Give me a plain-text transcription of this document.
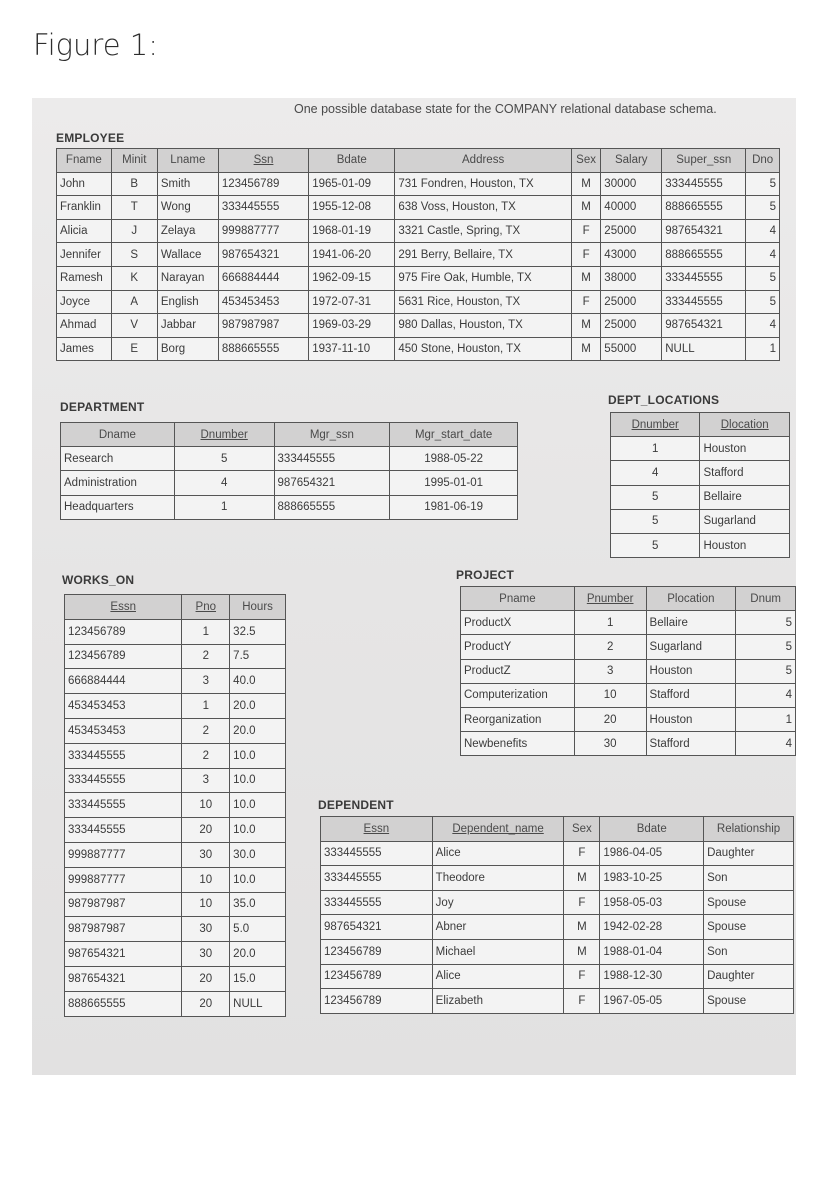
Figure 1:
One possible database state for the COMPANY relational database schema.
EMPLOYEE
Fname	Minit	Lname	Ssn	Bdate	Address	Sex	Salary	Super_ssn	Dno
John	B	Smith	123456789	1965-01-09	731 Fondren, Houston, TX	M	30000	333445555	5
Franklin	T	Wong	333445555	1955-12-08	638 Voss, Houston, TX	M	40000	888665555	5
Alicia	J	Zelaya	999887777	1968-01-19	3321 Castle, Spring, TX	F	25000	987654321	4
Jennifer	S	Wallace	987654321	1941-06-20	291 Berry, Bellaire, TX	F	43000	888665555	4
Ramesh	K	Narayan	666884444	1962-09-15	975 Fire Oak, Humble, TX	M	38000	333445555	5
Joyce	A	English	453453453	1972-07-31	5631 Rice, Houston, TX	F	25000	333445555	5
Ahmad	V	Jabbar	987987987	1969-03-29	980 Dallas, Houston, TX	M	25000	987654321	4
James	E	Borg	888665555	1937-11-10	450 Stone, Houston, TX	M	55000	NULL	1
DEPARTMENT
Dname	Dnumber	Mgr_ssn	Mgr_start_date
Research	5	333445555	1988-05-22
Administration	4	987654321	1995-01-01
Headquarters	1	888665555	1981-06-19
DEPT_LOCATIONS
Dnumber	Dlocation
1	Houston
4	Stafford
5	Bellaire
5	Sugarland
5	Houston
WORKS_ON
Essn	Pno	Hours
123456789	1	32.5
123456789	2	7.5
666884444	3	40.0
453453453	1	20.0
453453453	2	20.0
333445555	2	10.0
333445555	3	10.0
333445555	10	10.0
333445555	20	10.0
999887777	30	30.0
999887777	10	10.0
987987987	10	35.0
987987987	30	5.0
987654321	30	20.0
987654321	20	15.0
888665555	20	NULL
PROJECT
Pname	Pnumber	Plocation	Dnum
ProductX	1	Bellaire	5
ProductY	2	Sugarland	5
ProductZ	3	Houston	5
Computerization	10	Stafford	4
Reorganization	20	Houston	1
Newbenefits	30	Stafford	4
DEPENDENT
Essn	Dependent_name	Sex	Bdate	Relationship
333445555	Alice	F	1986-04-05	Daughter
333445555	Theodore	M	1983-10-25	Son
333445555	Joy	F	1958-05-03	Spouse
987654321	Abner	M	1942-02-28	Spouse
123456789	Michael	M	1988-01-04	Son
123456789	Alice	F	1988-12-30	Daughter
123456789	Elizabeth	F	1967-05-05	Spouse
